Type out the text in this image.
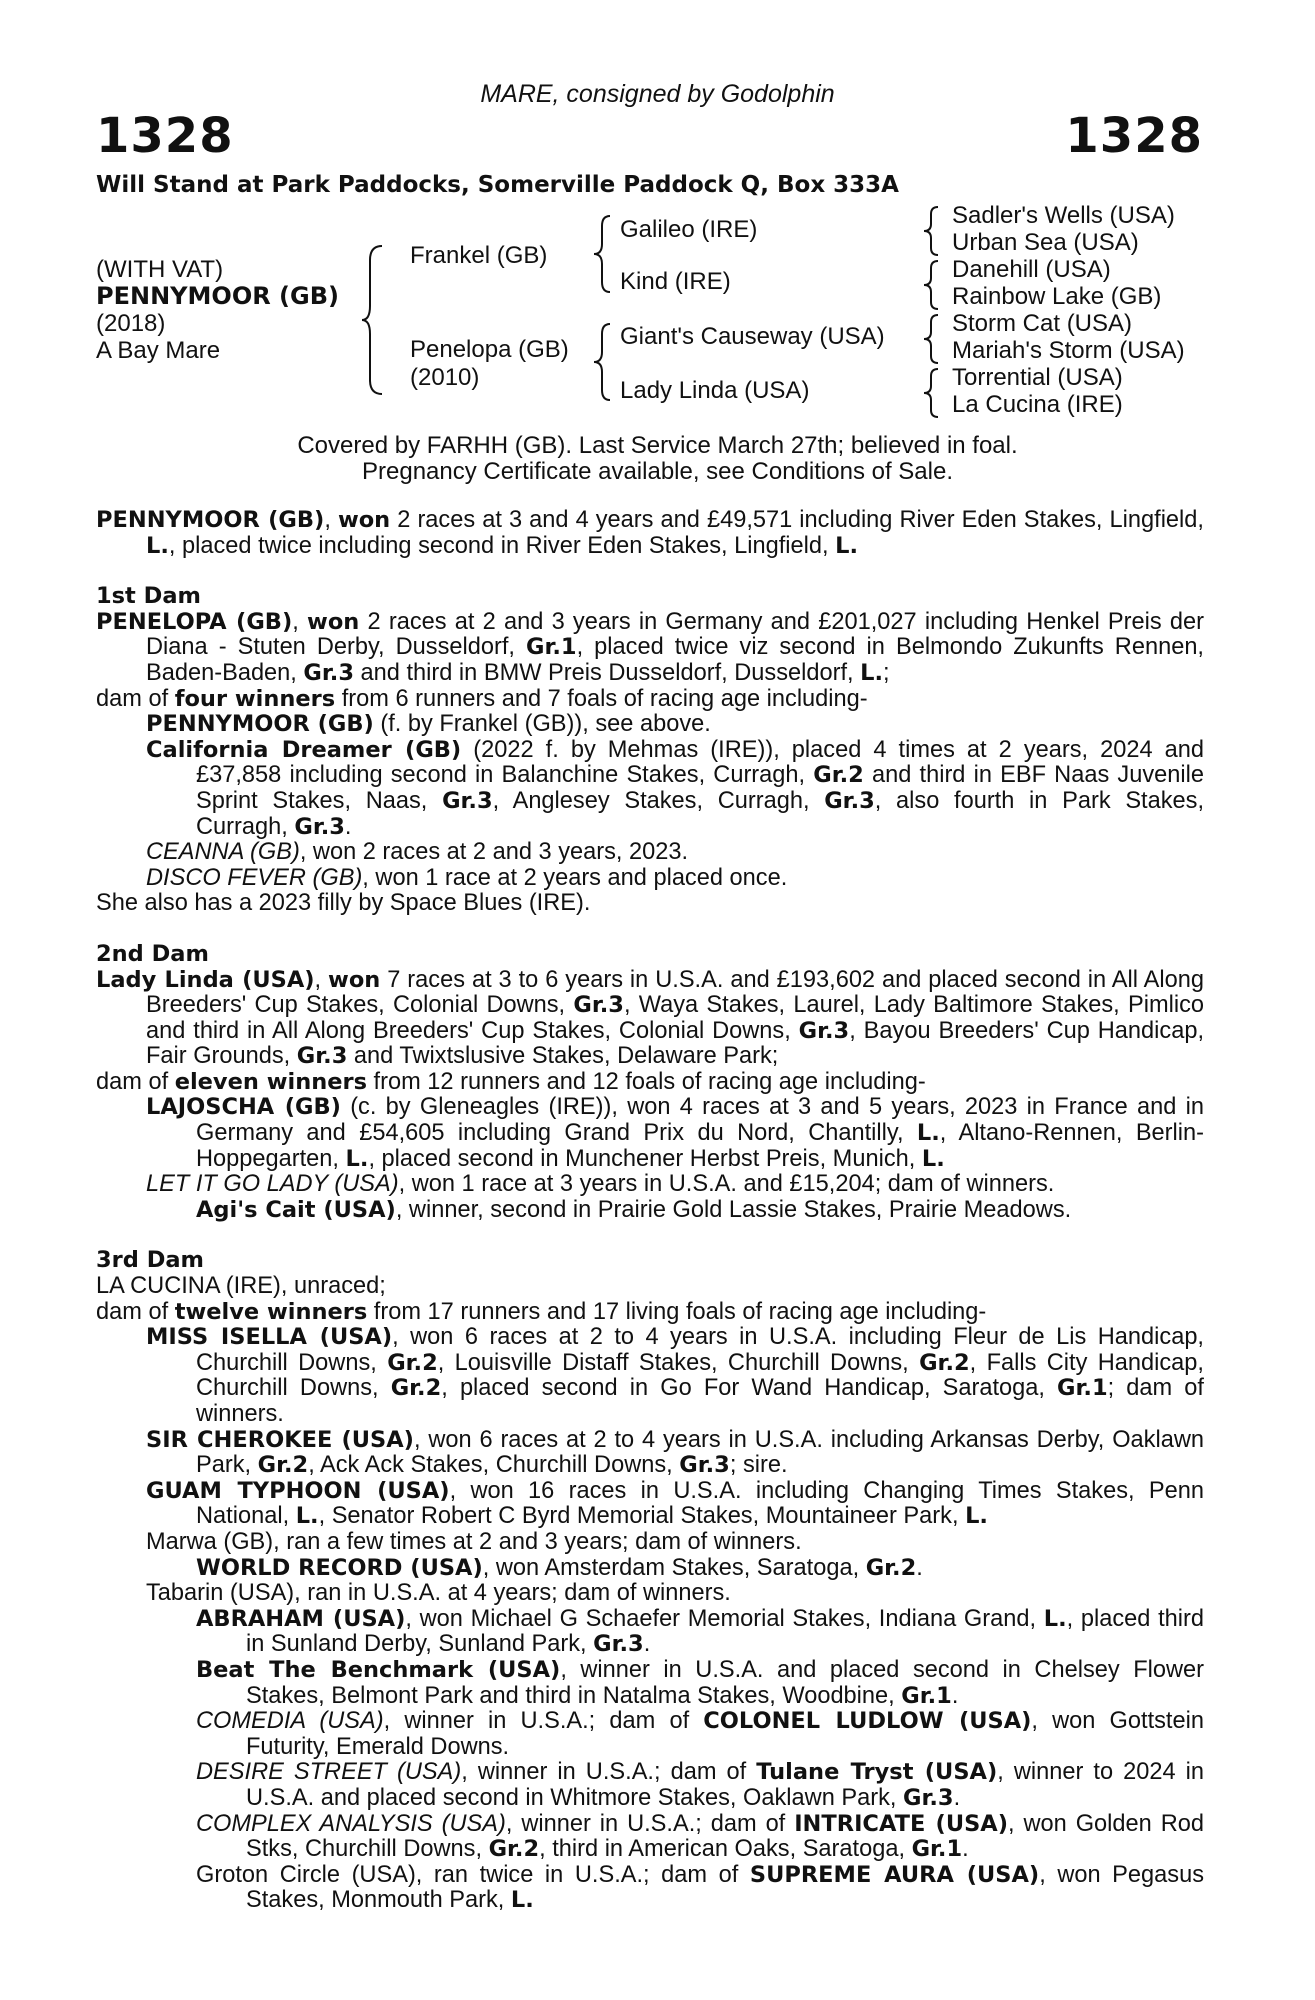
MARE, consigned by Godolphin
1328	1328
Will Stand at Park Paddocks, Somerville Paddock Q, Box 333A
(WITH VAT)
PENNYMOOR (GB)
(2018)
A Bay Mare
Frankel (GB)
Penelopa (GB)
(2010)
Galileo (IRE)
Kind (IRE)
Giant's Causeway (USA)
Lady Linda (USA)
Sadler's Wells (USA)
Urban Sea (USA)
Danehill (USA)
Rainbow Lake (GB)
Storm Cat (USA)
Mariah's Storm (USA)
Torrential (USA)
La Cucina (IRE)
Covered by FARHH (GB). Last Service March 27th; believed in foal.
Pregnancy Certificate available, see Conditions of Sale.

PENNYMOOR (GB), won 2 races at 3 and 4 years and £49,571 including River Eden Stakes, Lingfield, L., placed twice including second in River Eden Stakes, Lingfield, L.

1st Dam

PENELOPA (GB), won 2 races at 2 and 3 years in Germany and £201,027 including Henkel Preis der Diana - Stuten Derby, Dusseldorf, Gr.1, placed twice viz second in Belmondo Zukunfts Rennen, Baden-Baden, Gr.3 and third in BMW Preis Dusseldorf, Dusseldorf, L.;

dam of four winners from 6 runners and 7 foals of racing age including-

PENNYMOOR (GB) (f. by Frankel (GB)), see above.

California Dreamer (GB) (2022 f. by Mehmas (IRE)), placed 4 times at 2 years, 2024 and £37,858 including second in Balanchine Stakes, Curragh, Gr.2 and third in EBF Naas Juvenile Sprint Stakes, Naas, Gr.3, Anglesey Stakes, Curragh, Gr.3, also fourth in Park Stakes, Curragh, Gr.3.

CEANNA (GB), won 2 races at 2 and 3 years, 2023.

DISCO FEVER (GB), won 1 race at 2 years and placed once.

She also has a 2023 filly by Space Blues (IRE).

2nd Dam

Lady Linda (USA), won 7 races at 3 to 6 years in U.S.A. and £193,602 and placed second in All Along Breeders' Cup Stakes, Colonial Downs, Gr.3, Waya Stakes, Laurel, Lady Baltimore Stakes, Pimlico and third in All Along Breeders' Cup Stakes, Colonial Downs, Gr.3, Bayou Breeders' Cup Handicap, Fair Grounds, Gr.3 and Twixtslusive Stakes, Delaware Park;

dam of eleven winners from 12 runners and 12 foals of racing age including-

LAJOSCHA (GB) (c. by Gleneagles (IRE)), won 4 races at 3 and 5 years, 2023 in France and in Germany and £54,605 including Grand Prix du Nord, Chantilly, L., Altano-Rennen, Berlin-Hoppegarten, L., placed second in Munchener Herbst Preis, Munich, L.

LET IT GO LADY (USA), won 1 race at 3 years in U.S.A. and £15,204; dam of winners.

Agi's Cait (USA), winner, second in Prairie Gold Lassie Stakes, Prairie Meadows.

3rd Dam

LA CUCINA (IRE), unraced;

dam of twelve winners from 17 runners and 17 living foals of racing age including-

MISS ISELLA (USA), won 6 races at 2 to 4 years in U.S.A. including Fleur de Lis Handicap, Churchill Downs, Gr.2, Louisville Distaff Stakes, Churchill Downs, Gr.2, Falls City Handicap, Churchill Downs, Gr.2, placed second in Go For Wand Handicap, Saratoga, Gr.1; dam of winners.

SIR CHEROKEE (USA), won 6 races at 2 to 4 years in U.S.A. including Arkansas Derby, Oaklawn Park, Gr.2, Ack Ack Stakes, Churchill Downs, Gr.3; sire.

GUAM TYPHOON (USA), won 16 races in U.S.A. including Changing Times Stakes, Penn National, L., Senator Robert C Byrd Memorial Stakes, Mountaineer Park, L.

Marwa (GB), ran a few times at 2 and 3 years; dam of winners.

WORLD RECORD (USA), won Amsterdam Stakes, Saratoga, Gr.2.

Tabarin (USA), ran in U.S.A. at 4 years; dam of winners.

ABRAHAM (USA), won Michael G Schaefer Memorial Stakes, Indiana Grand, L., placed third in Sunland Derby, Sunland Park, Gr.3.

Beat The Benchmark (USA), winner in U.S.A. and placed second in Chelsey Flower Stakes, Belmont Park and third in Natalma Stakes, Woodbine, Gr.1.

COMEDIA (USA), winner in U.S.A.; dam of COLONEL LUDLOW (USA), won Gottstein Futurity, Emerald Downs.

DESIRE STREET (USA), winner in U.S.A.; dam of Tulane Tryst (USA), winner to 2024 in U.S.A. and placed second in Whitmore Stakes, Oaklawn Park, Gr.3.

COMPLEX ANALYSIS (USA), winner in U.S.A.; dam of INTRICATE (USA), won Golden Rod Stks, Churchill Downs, Gr.2, third in American Oaks, Saratoga, Gr.1.

Groton Circle (USA), ran twice in U.S.A.; dam of SUPREME AURA (USA), won Pegasus Stakes, Monmouth Park, L.
